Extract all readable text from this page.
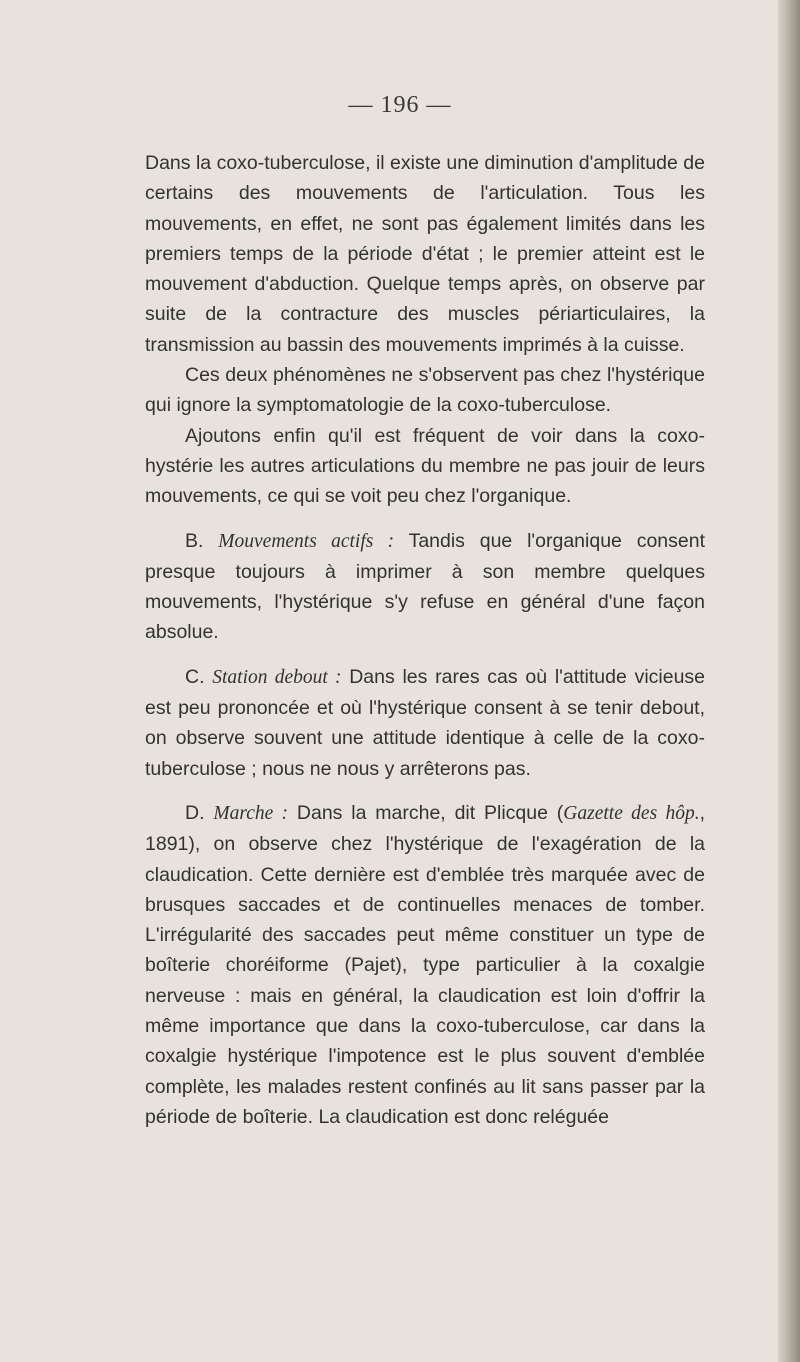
— 196 —

Dans la coxo-tuberculose, il existe une diminution d'amplitude de certains des mouvements de l'articulation. Tous les mouvements, en effet, ne sont pas également limités dans les premiers temps de la période d'état ; le premier atteint est le mouvement d'abduction. Quelque temps après, on observe par suite de la contracture des muscles périarticulaires, la transmission au bassin des mouvements imprimés à la cuisse.

Ces deux phénomènes ne s'observent pas chez l'hystérique qui ignore la symptomatologie de la coxo-tuberculose.

Ajoutons enfin qu'il est fréquent de voir dans la coxo-hystérie les autres articulations du membre ne pas jouir de leurs mouvements, ce qui se voit peu chez l'organique.

B. Mouvements actifs : Tandis que l'organique consent presque toujours à imprimer à son membre quelques mouvements, l'hystérique s'y refuse en général d'une façon absolue.

C. Station debout : Dans les rares cas où l'attitude vicieuse est peu prononcée et où l'hystérique consent à se tenir debout, on observe souvent une attitude identique à celle de la coxo-tuberculose ; nous ne nous y arrêterons pas.

D. Marche : Dans la marche, dit Plicque (Gazette des hôp., 1891), on observe chez l'hystérique de l'exagération de la claudication. Cette dernière est d'emblée très marquée avec de brusques saccades et de continuelles menaces de tomber. L'irrégularité des saccades peut même constituer un type de boîterie choréiforme (Pajet), type particulier à la coxalgie nerveuse : mais en général, la claudication est loin d'offrir la même importance que dans la coxo-tuberculose, car dans la coxalgie hystérique l'impotence est le plus souvent d'emblée complète, les malades restent confinés au lit sans passer par la période de boîterie. La claudication est donc reléguée
